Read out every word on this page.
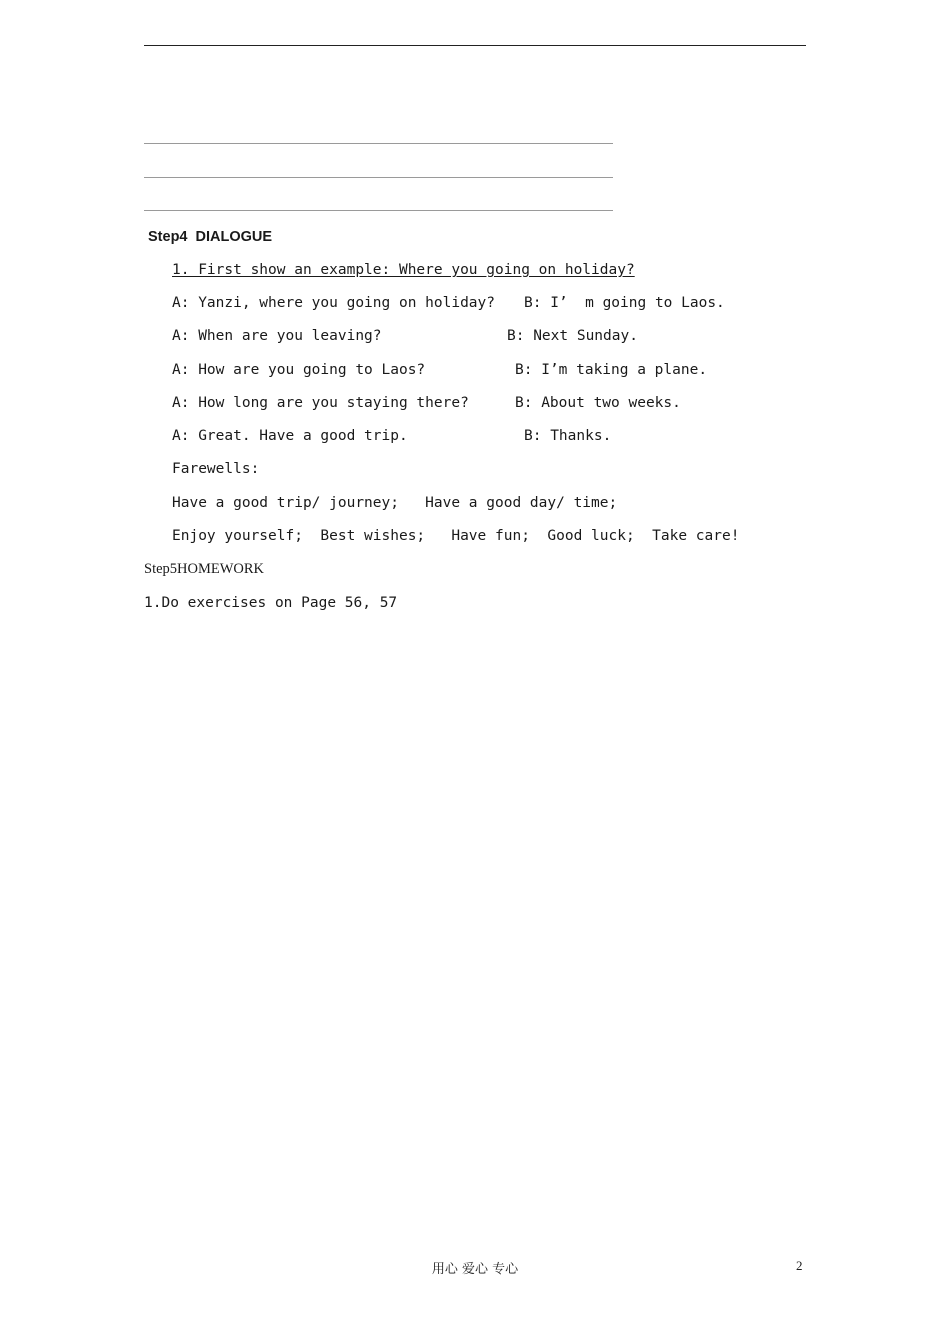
Step4  DIALOGUE
1. First show an example: Where you going on holiday?
A: Yanzi, where you going on holiday? B: I’  m going to Laos.
A: When are you leaving?	B: Next Sunday.
A: How are you going to Laos?	B: I’m taking a plane.
A: How long are you staying there?	B: About two weeks.
A: Great. Have a good trip.	B: Thanks.
Farewells:
Have a good trip/ journey;   Have a good day/ time;
Enjoy yourself;  Best wishes;   Have fun;  Good luck;  Take care!
Step5HOMEWORK
1.Do exercises on Page 56, 57
用心 爱心 专心	2
